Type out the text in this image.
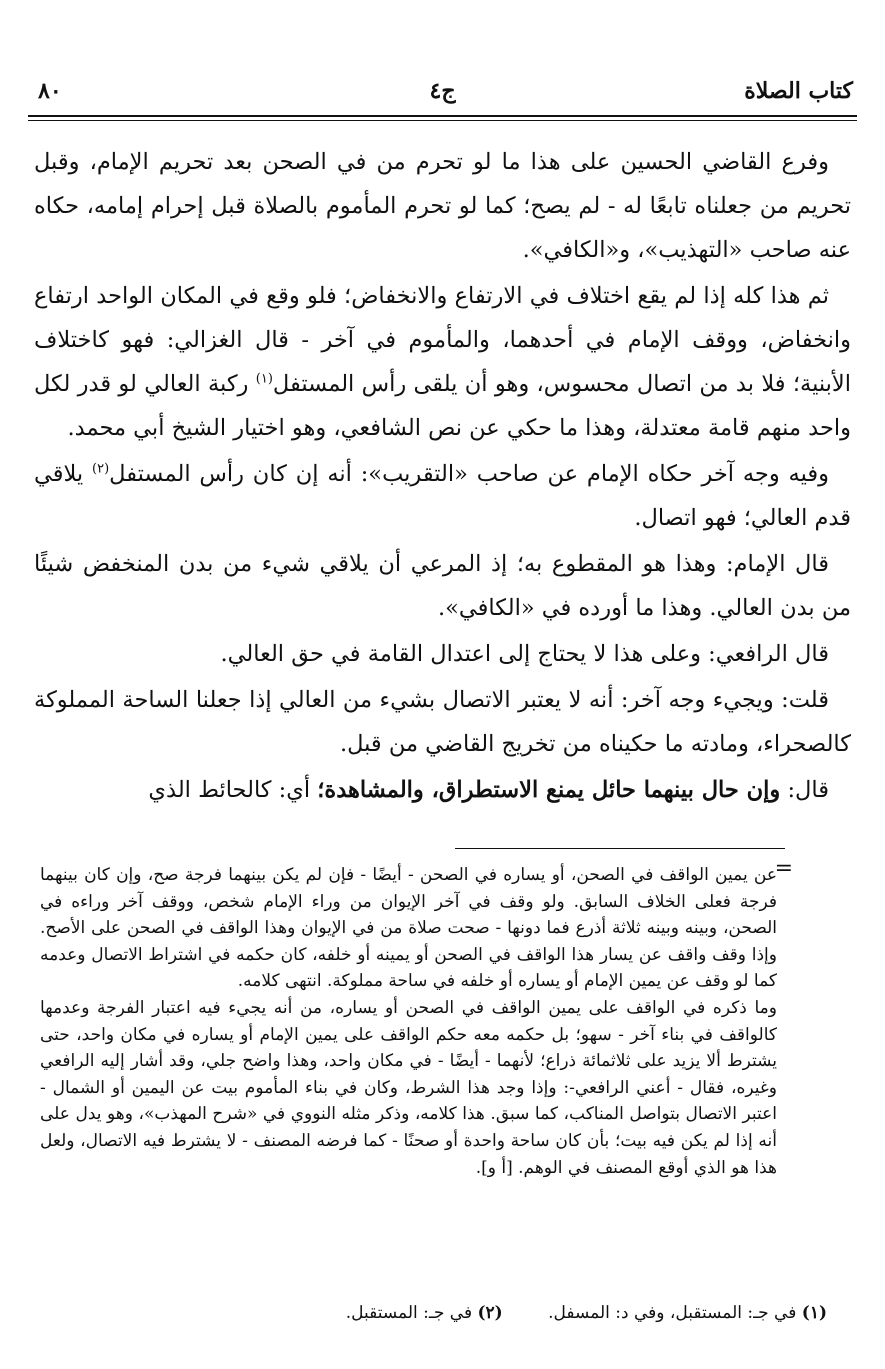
٨٠	ج٤	كتاب الصلاة

وفرع القاضي الحسين على هذا ما لو تحرم من في الصحن بعد تحريم الإمام، وقبل تحريم من جعلناه تابعًا له - لم يصح؛ كما لو تحرم المأموم بالصلاة قبل إحرام إمامه، حكاه عنه صاحب «التهذيب»، و«الكافي».

ثم هذا كله إذا لم يقع اختلاف في الارتفاع والانخفاض؛ فلو وقع في المكان الواحد ارتفاع وانخفاض، ووقف الإمام في أحدهما، والمأموم في آخر - قال الغزالي: فهو كاختلاف الأبنية؛ فلا بد من اتصال محسوس، وهو أن يلقى رأس المستفل$^{(١)}$ ركبة العالي لو قدر لكل واحد منهم قامة معتدلة، وهذا ما حكي عن نص الشافعي، وهو اختيار الشيخ أبي محمد.

وفيه وجه آخر حكاه الإمام عن صاحب «التقريب»: أنه إن كان رأس المستفل$^{(٢)}$ يلاقي قدم العالي؛ فهو اتصال.

قال الإمام: وهذا هو المقطوع به؛ إذ المرعي أن يلاقي شيء من بدن المنخفض شيئًا من بدن العالي. وهذا ما أورده في «الكافي».

قال الرافعي: وعلى هذا لا يحتاج إلى اعتدال القامة في حق العالي.

قلت: ويجيء وجه آخر: أنه لا يعتبر الاتصال بشيء من العالي إذا جعلنا الساحة المملوكة كالصحراء، ومادته ما حكيناه من تخريج القاضي من قبل.

قال: وإن حال بينهما حائل يمنع الاستطراق، والمشاهدة؛ أي: كالحائط الذي

=

عن يمين الواقف في الصحن، أو يساره في الصحن - أيضًا - فإن لم يكن بينهما فرجة صح، وإن كان بينهما فرجة فعلى الخلاف السابق. ولو وقف في آخر الإيوان من وراء الإمام شخص، ووقف آخر وراءه في الصحن، وبينه وبينه ثلاثة أذرع فما دونها - صحت صلاة من في الإيوان وهذا الواقف في الصحن على الأصح. وإذا وقف واقف عن يسار هذا الواقف في الصحن أو يمينه أو خلفه، كان حكمه في اشتراط الاتصال وعدمه كما لو وقف عن يمين الإمام أو يساره أو خلفه في ساحة مملوكة. انتهى كلامه.

وما ذكره في الواقف على يمين الواقف في الصحن أو يساره، من أنه يجيء فيه اعتبار الفرجة وعدمها كالواقف في بناء آخر - سهو؛ بل حكمه معه حكم الواقف على يمين الإمام أو يساره في مكان واحد، حتى يشترط ألا يزيد على ثلاثمائة ذراع؛ لأنهما - أيضًا - في مكان واحد، وهذا واضح جلي، وقد أشار إليه الرافعي وغيره، فقال - أعني الرافعي-: وإذا وجد هذا الشرط، وكان في بناء المأموم بيت عن اليمين أو الشمال - اعتبر الاتصال بتواصل المناكب، كما سبق. هذا كلامه، وذكر مثله النووي في «شرح المهذب»، وهو يدل على أنه إذا لم يكن فيه بيت؛ بأن كان ساحة واحدة أو صحنًا - كما فرضه المصنف - لا يشترط فيه الاتصال، ولعل هذا هو الذي أوقع المصنف في الوهم. [أ و].

(١) في جـ: المستقبل، وفي د: المسفل. (٢) في جـ: المستقبل.
